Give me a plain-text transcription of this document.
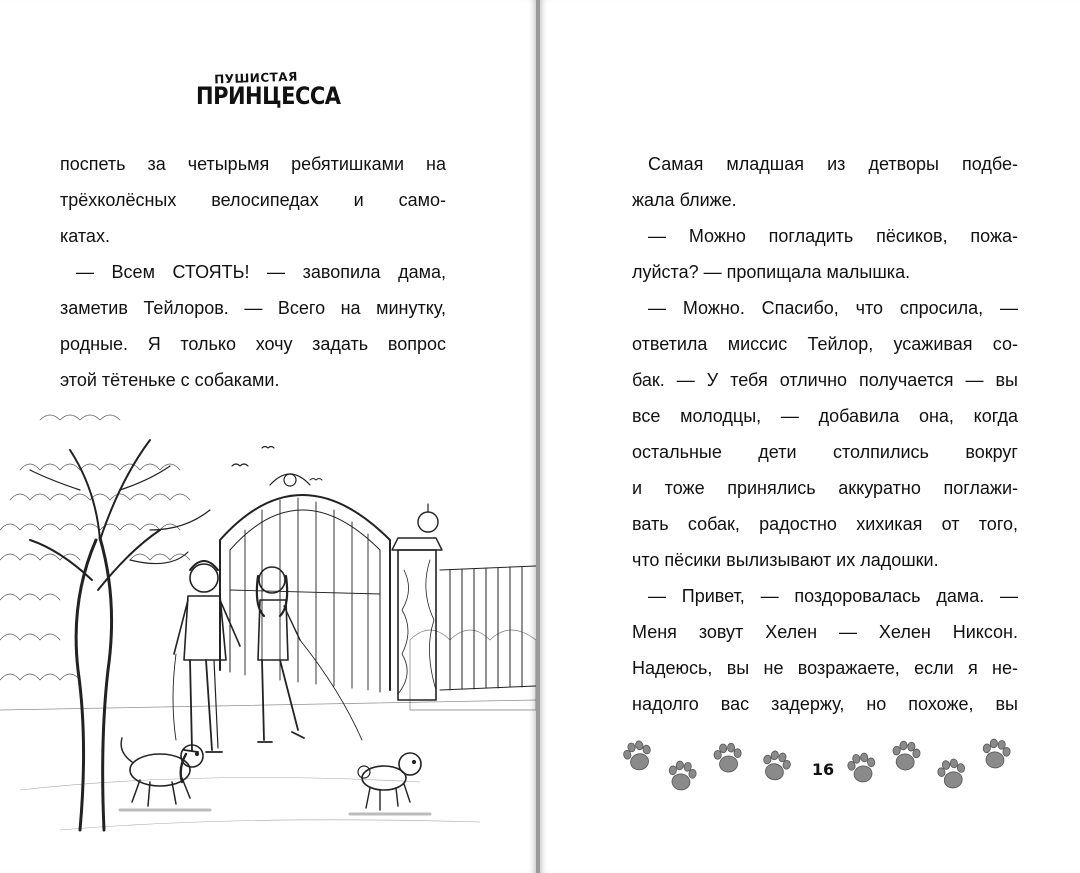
ПУШИСТАЯ
ПРИНЦЕССА
поспеть за четырьмя ребятишками на
трёхколёсных велосипедах и само-
катах.
— Всем СТОЯТЬ! — завопила дама,
заметив Тейлоров. — Всего на минутку,
родные. Я только хочу задать вопрос
этой тётеньке с собаками.
Самая младшая из детворы подбе-
жала ближе.
— Можно погладить пёсиков, пожа-
луйста? — пропищала малышка.
— Можно. Спасибо, что спросила, —
ответила миссис Тейлор, усаживая со-
бак. — У тебя отлично получается — вы
все молодцы, — добавила она, когда
остальные дети столпились вокруг
и тоже принялись аккуратно поглажи-
вать собак, радостно хихикая от того,
что пёсики вылизывают их ладошки.
— Привет, — поздоровалась дама. —
Меня зовут Хелен — Хелен Никсон.
Надеюсь, вы не возражаете, если я не-
надолго вас задержу, но похоже, вы
16
